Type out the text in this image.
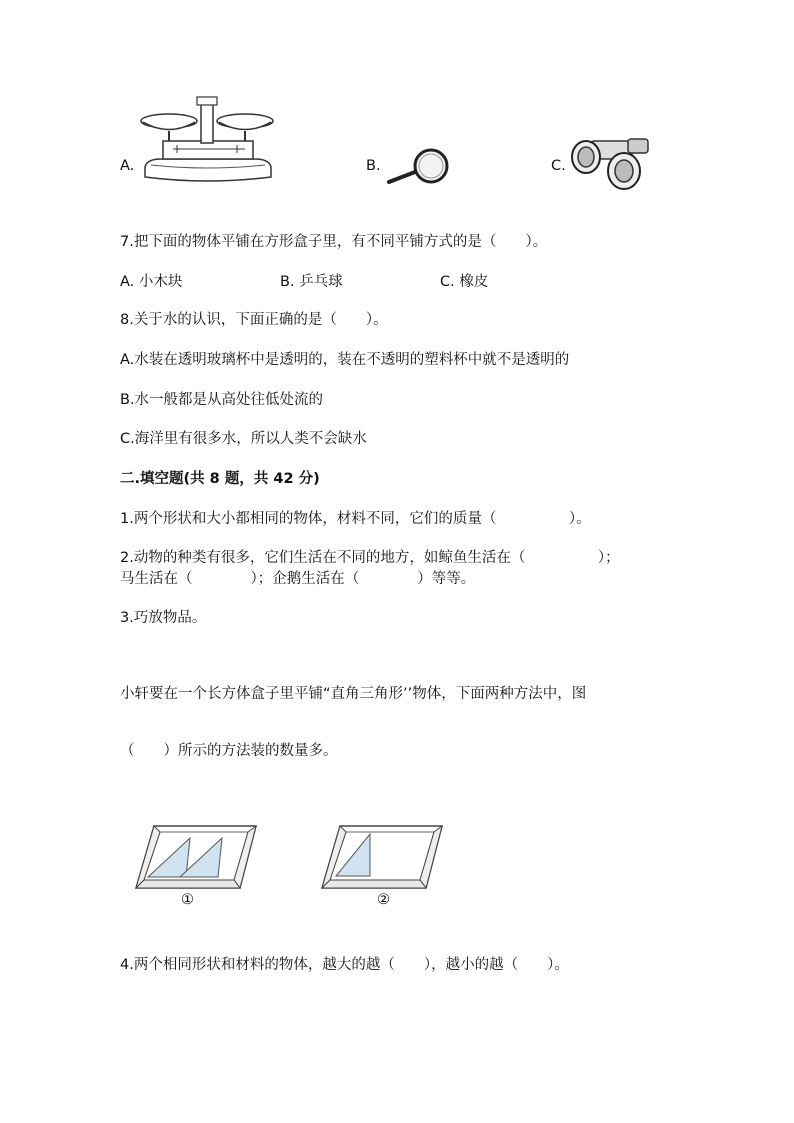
A.	B.	C.
7.把下面的物体平铺在方形盒子里，有不同平铺方式的是（　　）。
A. 小木块	B. 乒乓球	C. 橡皮
8.关于水的认识，下面正确的是（　　）。
A.水装在透明玻璃杯中是透明的，装在不透明的塑料杯中就不是透明的
B.水一般都是从高处往低处流的
C.海洋里有很多水，所以人类不会缺水
二.填空题(共 8 题，共 42 分)
1.两个形状和大小都相同的物体，材料不同，它们的质量（　　　　　）。
2.动物的种类有很多，它们生活在不同的地方，如鲸鱼生活在（　　　　　）；
马生活在（　　　　）；企鹅生活在（　　　　）等等。
3.巧放物品。
小轩要在一个长方体盒子里平铺“直角三角形’’物体，下面两种方法中，图
（　　）所示的方法装的数量多。
①	②
4.两个相同形状和材料的物体，越大的越（　　），越小的越（　　）。
